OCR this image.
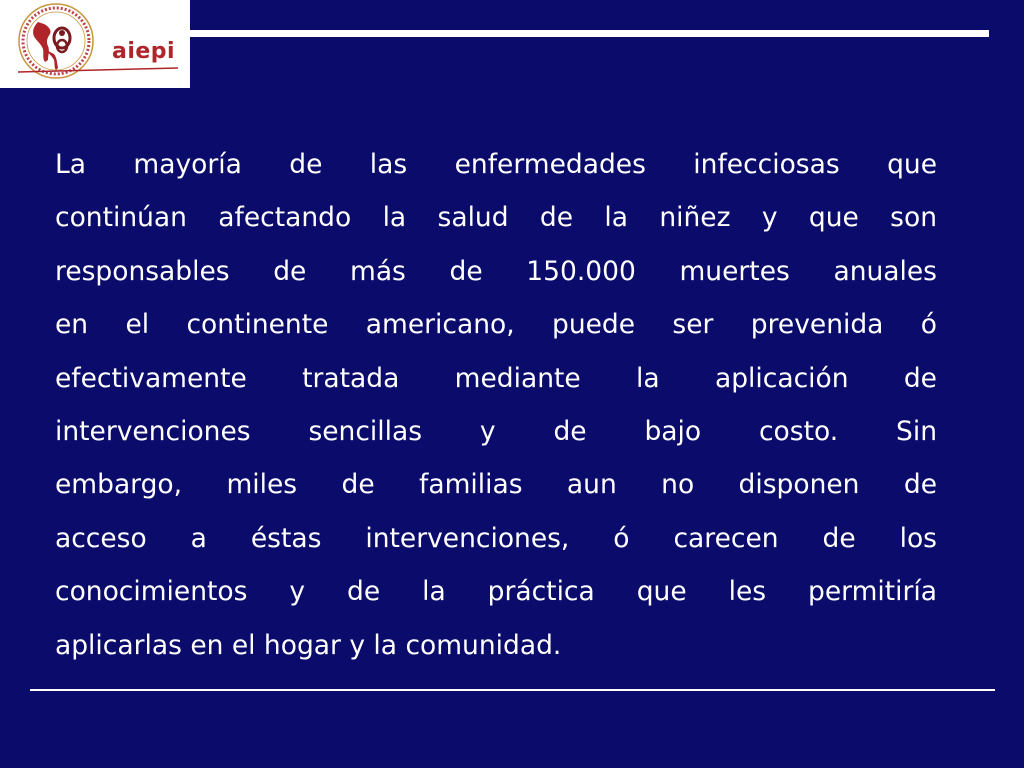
aiepi

La mayoría de las enfermedades infecciosas que
continúan afectando la salud de la niñez y que son
responsables de más de 150.000 muertes anuales
en el continente americano, puede ser prevenida ó
efectivamente tratada mediante la aplicación de
intervenciones sencillas y de bajo costo. Sin
embargo, miles de familias aun no disponen de
acceso a éstas intervenciones, ó carecen de los
conocimientos y de la práctica que les permitiría
aplicarlas en el hogar y la comunidad.
